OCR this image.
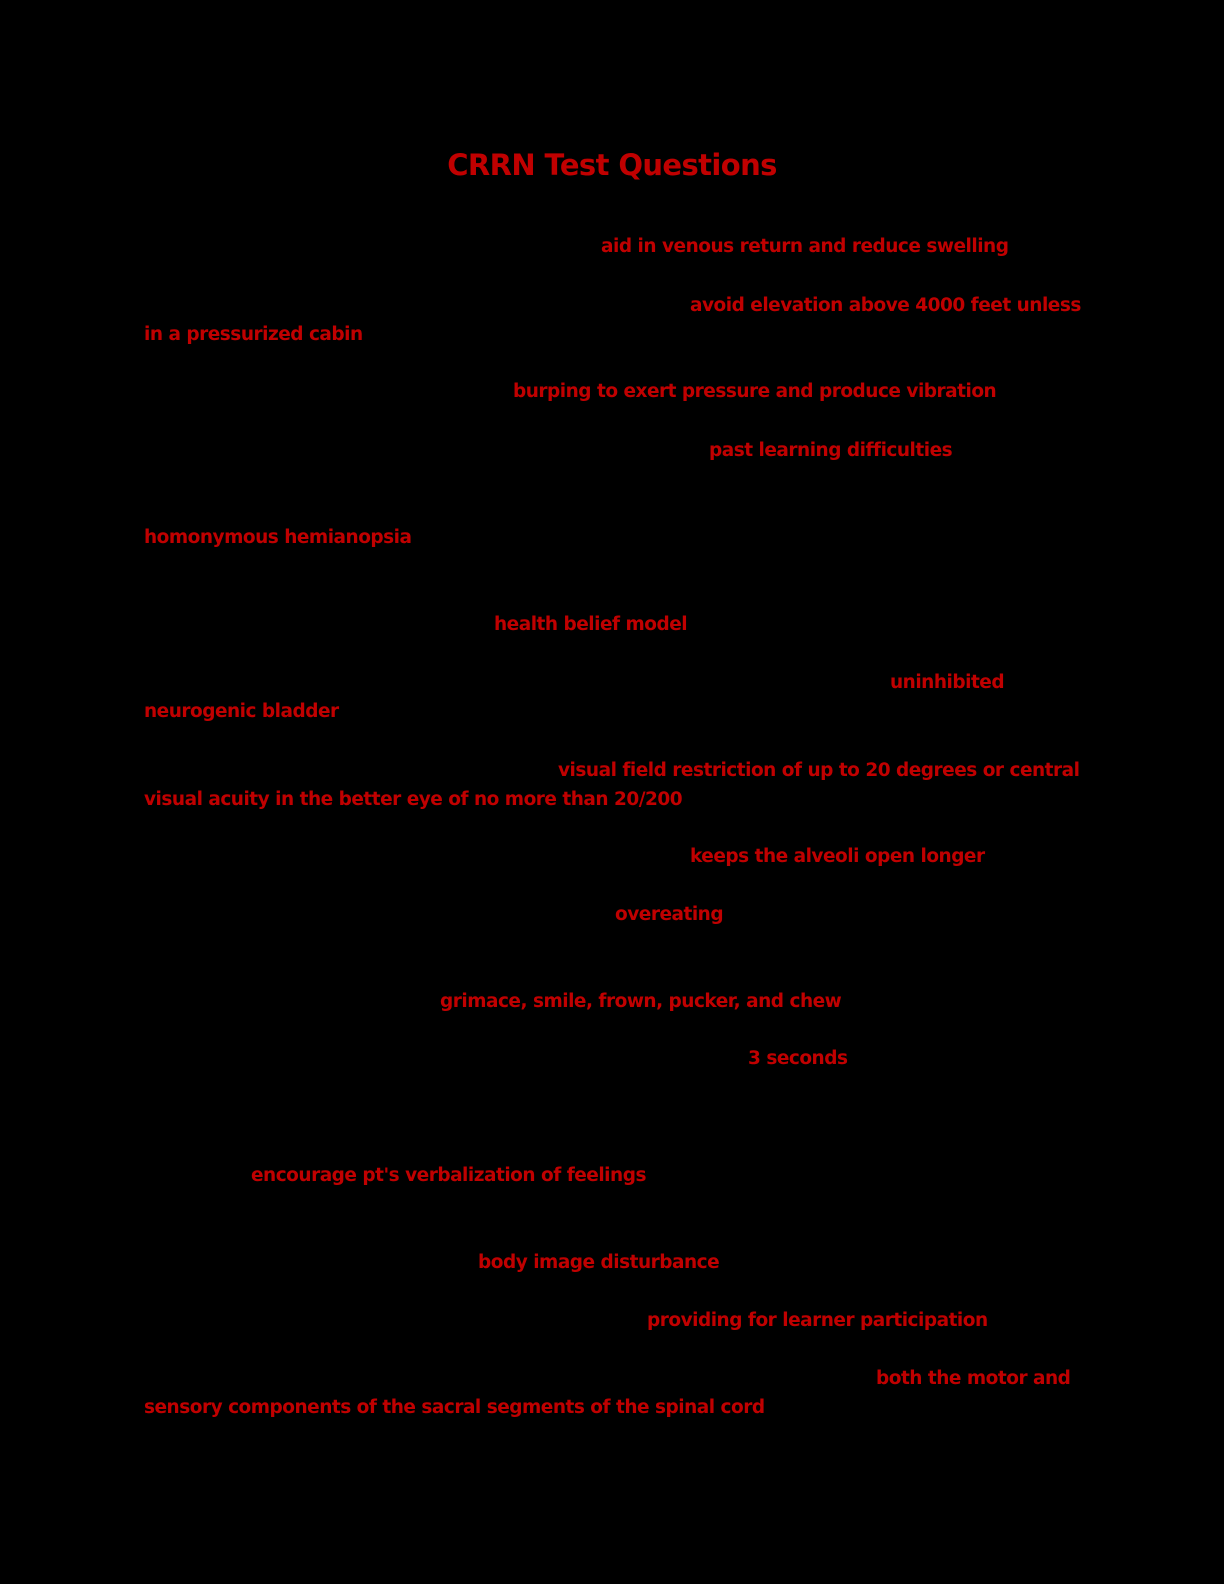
CRRN Test Questions
aid in venous return and reduce swelling
avoid elevation above 4000 feet unless
in a pressurized cabin
burping to exert pressure and produce vibration
past learning difficulties
homonymous hemianopsia
health belief model
uninhibited
neurogenic bladder
visual field restriction of up to 20 degrees or central
visual acuity in the better eye of no more than 20/200
keeps the alveoli open longer
overeating
grimace, smile, frown, pucker, and chew
3 seconds
encourage pt's verbalization of feelings
body image disturbance
providing for learner participation
both the motor and
sensory components of the sacral segments of the spinal cord
